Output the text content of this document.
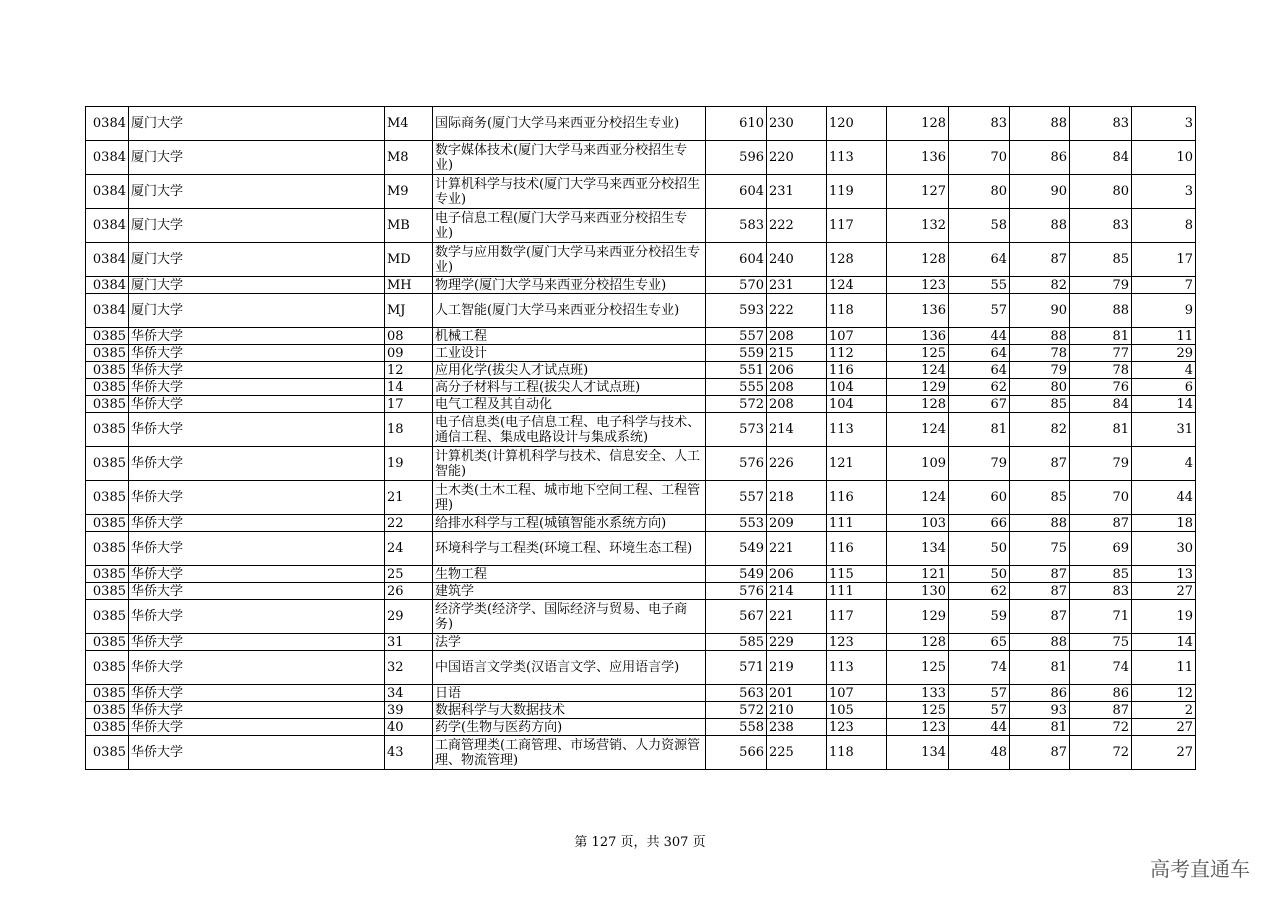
0384	厦门大学	M4	国际商务(厦门大学马来西亚分校招生专业)	610	230	120	128	83	88	83	3
0384	厦门大学	M8	数字媒体技术(厦门大学马来西亚分校招生专业)	596	220	113	136	70	86	84	10
0384	厦门大学	M9	计算机科学与技术(厦门大学马来西亚分校招生专业)	604	231	119	127	80	90	80	3
0384	厦门大学	MB	电子信息工程(厦门大学马来西亚分校招生专业)	583	222	117	132	58	88	83	8
0384	厦门大学	MD	数学与应用数学(厦门大学马来西亚分校招生专业)	604	240	128	128	64	87	85	17
0384	厦门大学	MH	物理学(厦门大学马来西亚分校招生专业)	570	231	124	123	55	82	79	7
0384	厦门大学	MJ	人工智能(厦门大学马来西亚分校招生专业)	593	222	118	136	57	90	88	9
0385	华侨大学	08	机械工程	557	208	107	136	44	88	81	11
0385	华侨大学	09	工业设计	559	215	112	125	64	78	77	29
0385	华侨大学	12	应用化学(拔尖人才试点班)	551	206	116	124	64	79	78	4
0385	华侨大学	14	高分子材料与工程(拔尖人才试点班)	555	208	104	129	62	80	76	6
0385	华侨大学	17	电气工程及其自动化	572	208	104	128	67	85	84	14
0385	华侨大学	18	电子信息类(电子信息工程、电子科学与技术、通信工程、集成电路设计与集成系统)	573	214	113	124	81	82	81	31
0385	华侨大学	19	计算机类(计算机科学与技术、信息安全、人工智能)	576	226	121	109	79	87	79	4
0385	华侨大学	21	土木类(土木工程、城市地下空间工程、工程管理)	557	218	116	124	60	85	70	44
0385	华侨大学	22	给排水科学与工程(城镇智能水系统方向)	553	209	111	103	66	88	87	18
0385	华侨大学	24	环境科学与工程类(环境工程、环境生态工程)	549	221	116	134	50	75	69	30
0385	华侨大学	25	生物工程	549	206	115	121	50	87	85	13
0385	华侨大学	26	建筑学	576	214	111	130	62	87	83	27
0385	华侨大学	29	经济学类(经济学、国际经济与贸易、电子商务)	567	221	117	129	59	87	71	19
0385	华侨大学	31	法学	585	229	123	128	65	88	75	14
0385	华侨大学	32	中国语言文学类(汉语言文学、应用语言学)	571	219	113	125	74	81	74	11
0385	华侨大学	34	日语	563	201	107	133	57	86	86	12
0385	华侨大学	39	数据科学与大数据技术	572	210	105	125	57	93	87	2
0385	华侨大学	40	药学(生物与医药方向)	558	238	123	123	44	81	72	27
0385	华侨大学	43	工商管理类(工商管理、市场营销、人力资源管理、物流管理)	566	225	118	134	48	87	72	27
第 127 页，共 307 页
高考直通车
